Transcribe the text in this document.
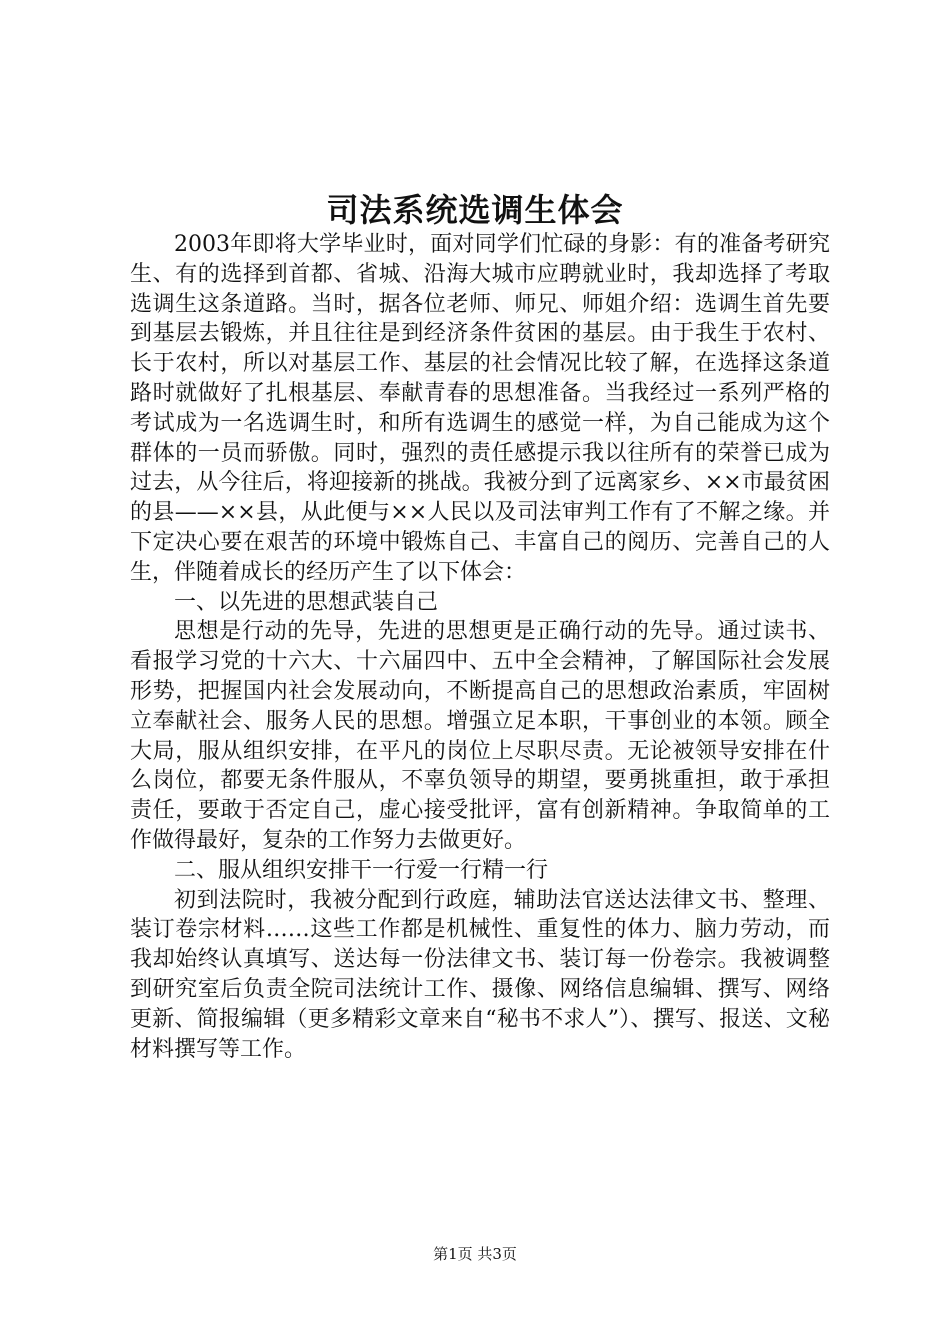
司法系统选调生体会

2003年即将大学毕业时，面对同学们忙碌的身影：有的准备考研究生、有的选择到首都、省城、沿海大城市应聘就业时，我却选择了考取选调生这条道路。当时，据各位老师、师兄、师姐介绍：选调生首先要到基层去锻炼，并且往往是到经济条件贫困的基层。由于我生于农村、长于农村，所以对基层工作、基层的社会情况比较了解，在选择这条道路时就做好了扎根基层、奉献青春的思想准备。当我经过一系列严格的考试成为一名选调生时，和所有选调生的感觉一样，为自己能成为这个群体的一员而骄傲。同时，强烈的责任感提示我以往所有的荣誉已成为过去，从今往后，将迎接新的挑战。我被分到了远离家乡、××市最贫困的县——××县，从此便与××人民以及司法审判工作有了不解之缘。并下定决心要在艰苦的环境中锻炼自己、丰富自己的阅历、完善自己的人生，伴随着成长的经历产生了以下体会：

一、以先进的思想武装自己

思想是行动的先导，先进的思想更是正确行动的先导。通过读书、看报学习党的十六大、十六届四中、五中全会精神，了解国际社会发展形势，把握国内社会发展动向，不断提高自己的思想政治素质，牢固树立奉献社会、服务人民的思想。增强立足本职，干事创业的本领。顾全大局，服从组织安排，在平凡的岗位上尽职尽责。无论被领导安排在什么岗位，都要无条件服从，不辜负领导的期望，要勇挑重担，敢于承担责任，要敢于否定自己，虚心接受批评，富有创新精神。争取简单的工作做得最好，复杂的工作努力去做更好。

二、服从组织安排干一行爱一行精一行

初到法院时，我被分配到行政庭，辅助法官送达法律文书、整理、装订卷宗材料……这些工作都是机械性、重复性的体力、脑力劳动，而我却始终认真填写、送达每一份法律文书、装订每一份卷宗。我被调整到研究室后负责全院司法统计工作、摄像、网络信息编辑、撰写、网络更新、简报编辑（更多精彩文章来自“秘书不求人”）、撰写、报送、文秘材料撰写等工作。

第1页 共3页
